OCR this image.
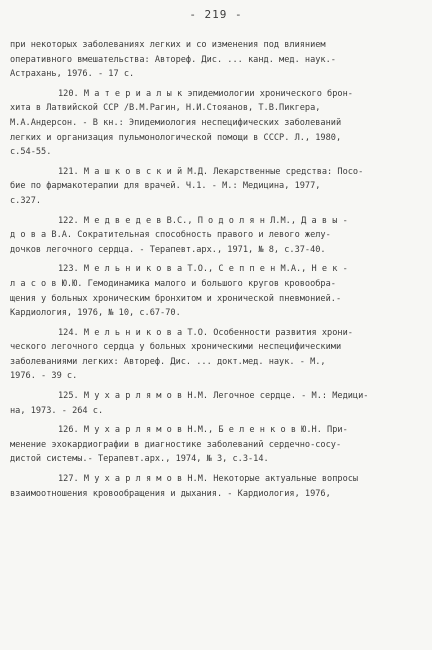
- 219 -
при некоторых заболеваниях легких и со изменения под влиянием
оперативного вмешательства: Автореф. Дис. ... канд. мед. наук.-
Астрахань, 1976. - 17 с.
120. М а т е р и а л ы к эпидемиологии хронического брон-
хита в Латвийской ССР /В.М.Рагин, Н.И.Стояанов, Т.В.Пикгера,
М.А.Андерсон. - В кн.: Эпидемиология неспецифических заболеваний
легких и организация пульмонологической помощи в СССР. Л., 1980,
с.54-55.
121. М а ш к о в с к и й М.Д. Лекарственные средства: Посо-
бие по фармакотерапии для врачей. Ч.1. - М.: Медицина, 1977,
с.327.
122. М е д в е д е в В.С., П о д о л я н Л.М., Д а в ы -
д о в а В.А. Сократительная способность правого и левого желу-
дочков легочного сердца. - Терапевт.арх., 1971, № 8, с.37-40.
123. М е л ь н и к о в а Т.О., С е п п е н М.А., Н е к -
л а с о в Ю.Ю. Гемодинамика малого и большого кругов кровообра-
щения у больных хроническим бронхитом и хронической пневмонией.-
Кардиология, 1976, № 10, с.67-70.
124. М е л ь н и к о в а Т.О. Особенности развития хрони-
ческого легочного сердца у больных хроническими неспецифическими
заболеваниями легких: Автореф. Дис. ... докт.мед. наук. - М.,
1976. - 39 с.
125. М у х а р л я м о в Н.М. Легочное сердце. - М.: Медици-
на, 1973. - 264 с.
126. М у х а р л я м о в Н.М., Б е л е н к о в Ю.Н. При-
менение эхокардиографии в диагностике заболеваний сердечно-сосу-
дистой системы.- Терапевт.арх., 1974, № 3, с.3-14.
127. М у х а р л я м о в Н.М. Некоторые актуальные вопросы
взаимоотношения кровообращения и дыхания. - Кардиология, 1976,
